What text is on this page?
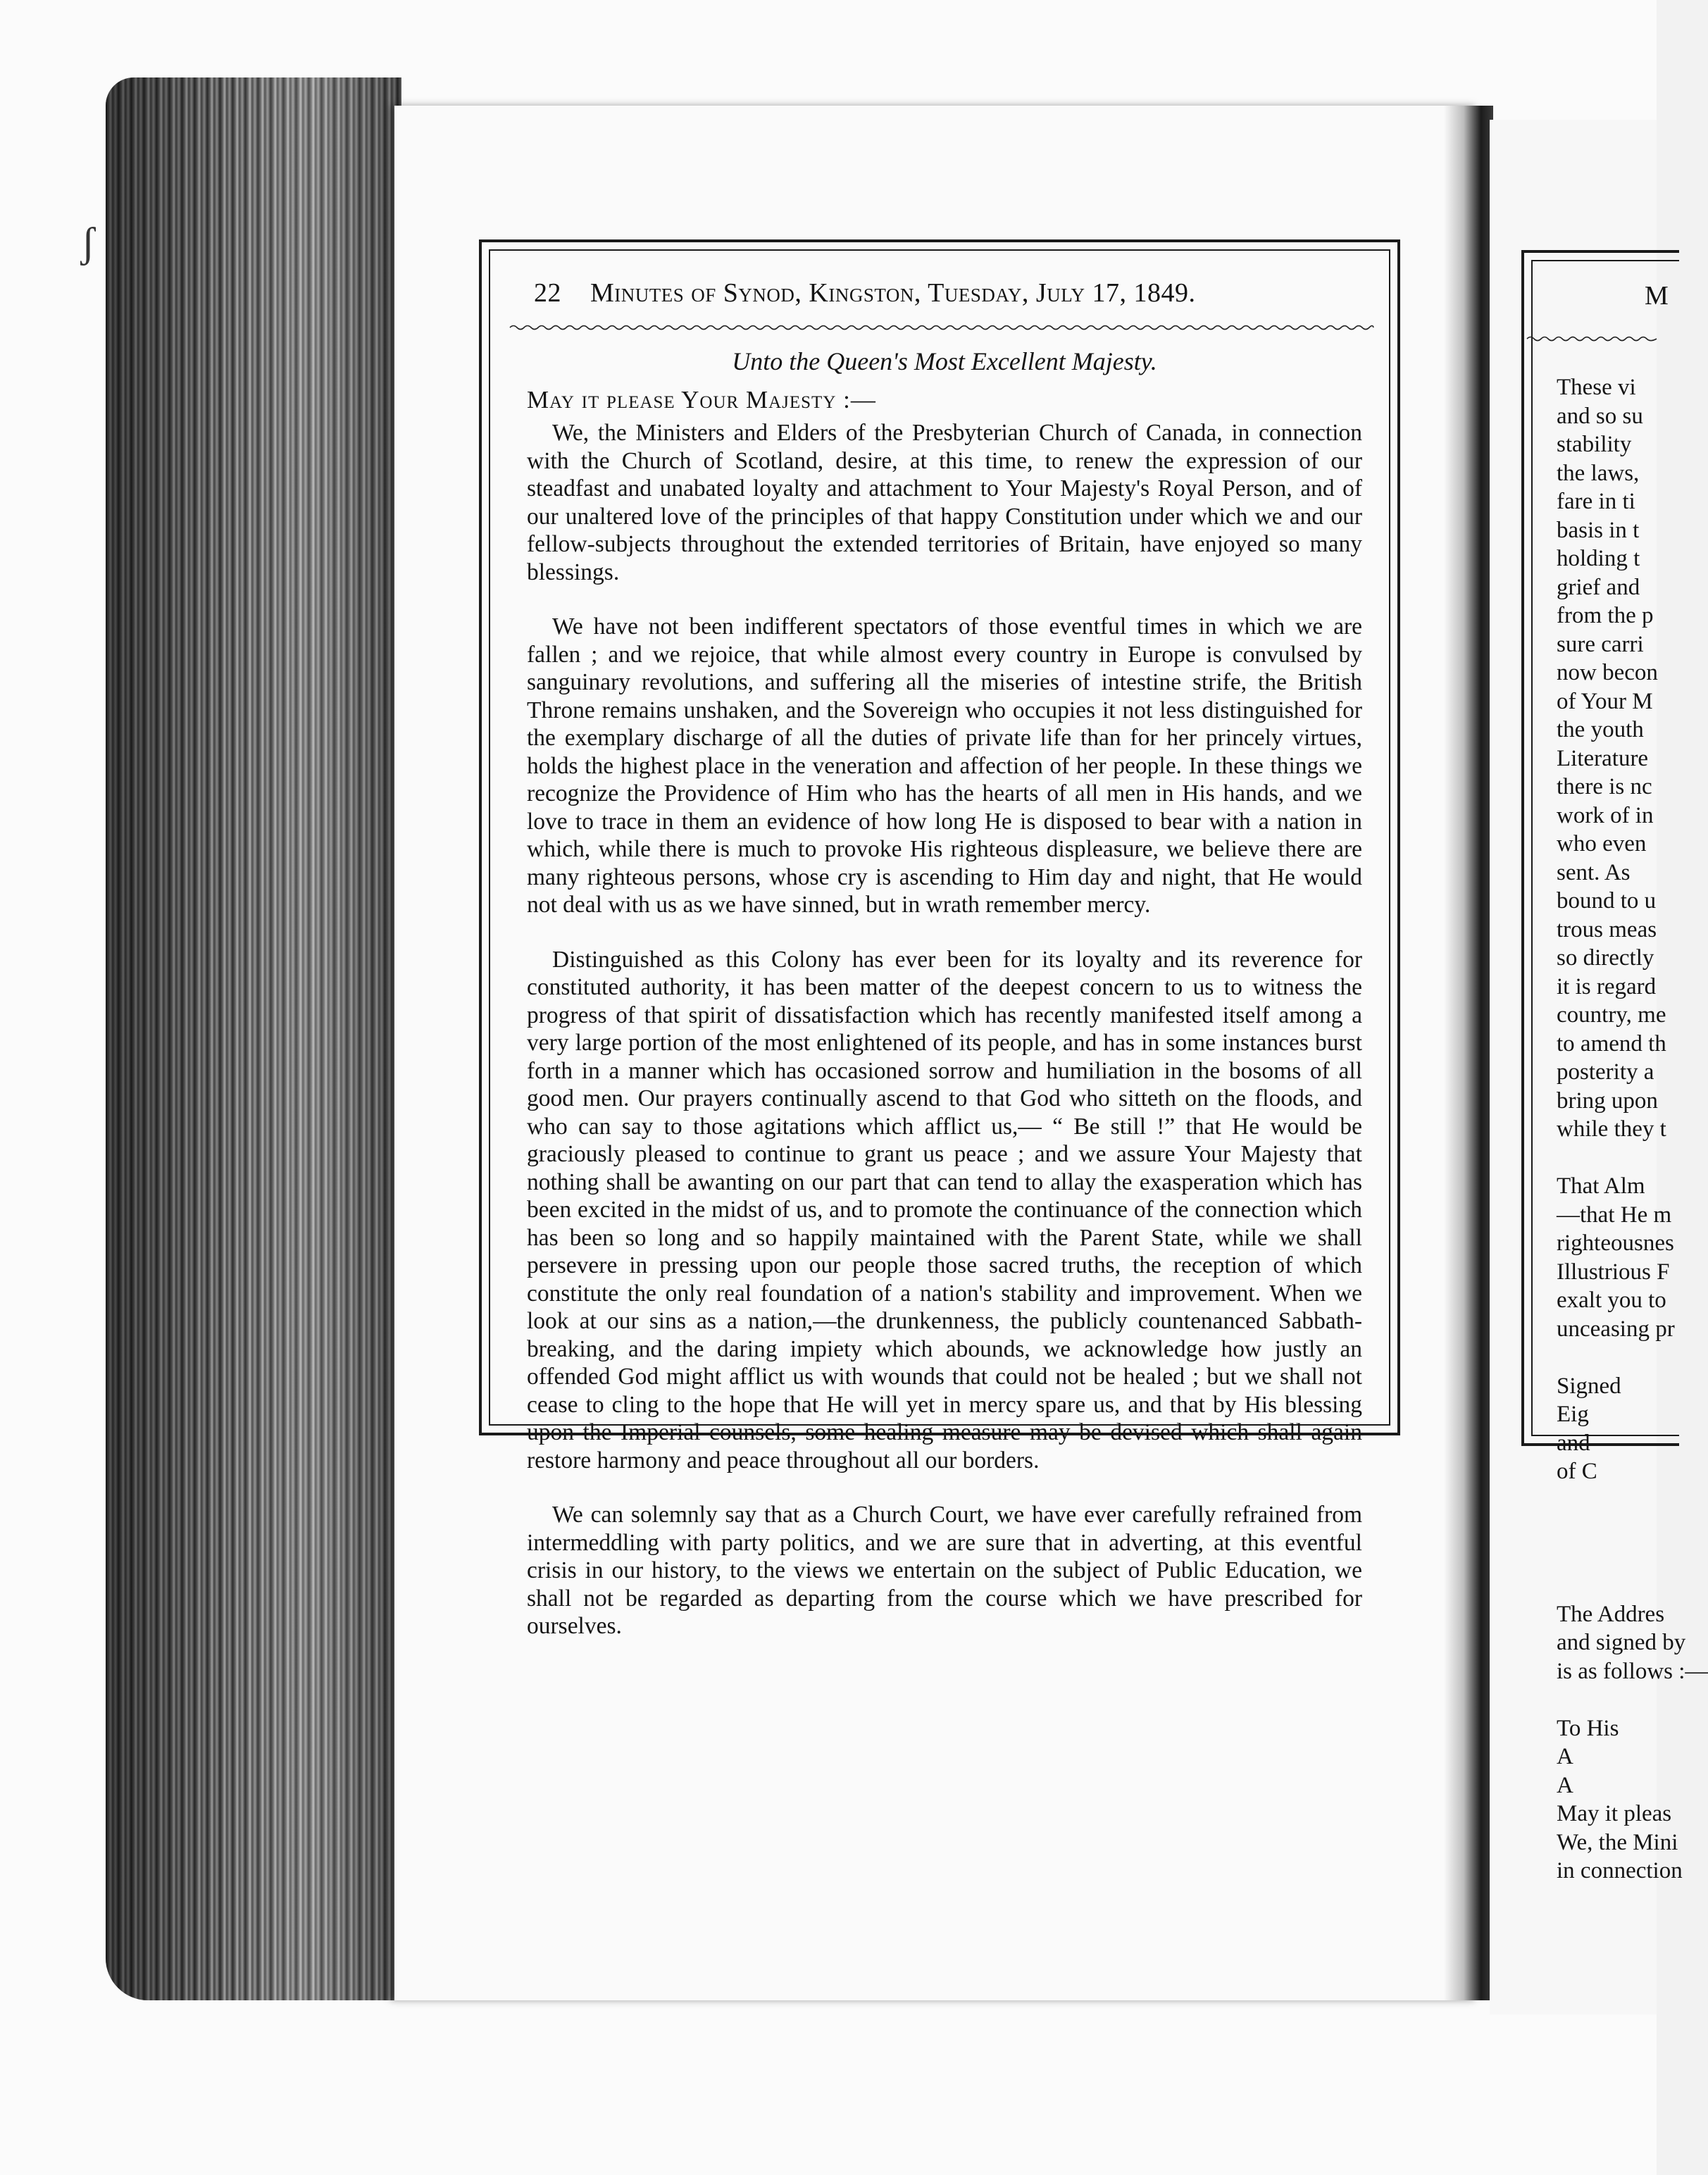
ʃ
22 Minutes of Synod, Kingston, Tuesday, July 17, 1849.

Unto the Queen's Most Excellent Majesty.

May it please Your Majesty :—

We, the Ministers and Elders of the Presbyterian Church of Canada, in connection with the Church of Scotland, desire, at this time, to renew the expression of our steadfast and unabated loyalty and attachment to Your Majesty's Royal Person, and of our unaltered love of the principles of that happy Constitution under which we and our fellow-subjects throughout the extended territories of Britain, have enjoyed so many blessings.

We have not been indifferent spectators of those eventful times in which we are fallen ; and we rejoice, that while almost every country in Europe is convulsed by sanguinary revolutions, and suffering all the miseries of intestine strife, the British Throne remains unshaken, and the Sovereign who occupies it not less distinguished for the exemplary discharge of all the duties of private life than for her princely virtues, holds the highest place in the veneration and affection of her people. In these things we recognize the Providence of Him who has the hearts of all men in His hands, and we love to trace in them an evidence of how long He is disposed to bear with a nation in which, while there is much to provoke His righteous displeasure, we believe there are many righteous persons, whose cry is ascending to Him day and night, that He would not deal with us as we have sinned, but in wrath remember mercy.

Distinguished as this Colony has ever been for its loyalty and its reverence for constituted authority, it has been matter of the deepest concern to us to witness the progress of that spirit of dissatisfaction which has recently manifested itself among a very large portion of the most enlightened of its people, and has in some instances burst forth in a manner which has occasioned sorrow and humiliation in the bosoms of all good men. Our prayers continually ascend to that God who sitteth on the floods, and who can say to those agitations which afflict us,— “ Be still !” that He would be graciously pleased to continue to grant us peace ; and we assure Your Majesty that nothing shall be awanting on our part that can tend to allay the exasperation which has been excited in the midst of us, and to promote the continuance of the connection which has been so long and so happily maintained with the Parent State, while we shall persevere in pressing upon our people those sacred truths, the reception of which constitute the only real foundation of a nation's stability and improvement. When we look at our sins as a nation,—the drunkenness, the publicly countenanced Sabbath-breaking, and the daring impiety which abounds, we acknowledge how justly an offended God might afflict us with wounds that could not be healed ; but we shall not cease to cling to the hope that He will yet in mercy spare us, and that by His blessing upon the Imperial counsels, some healing measure may be devised which shall again restore harmony and peace throughout all our borders.

We can solemnly say that as a Church Court, we have ever carefully refrained from intermeddling with party politics, and we are sure that in adverting, at this eventful crisis in our history, to the views we entertain on the subject of Public Education, we shall not be regarded as departing from the course which we have prescribed for ourselves.

M
These vi
and so su
stability
the laws,
fare in ti
basis in t
holding t
grief and
from the p
sure carri
now becon
of Your M
the youth
Literature
there is nc
work of in
who even
sent. As
bound to u
trous meas
so directly
it is regard
country, me
to amend th
posterity a
bring upon
while they t

That Alm
—that He m
righteousnes
Illustrious F
exalt you to
unceasing pr

Signed
Eig
and
of C

The Addres
and signed by
is as follows :—

To His
A
A
May it pleas
We, the Mini
in connection
